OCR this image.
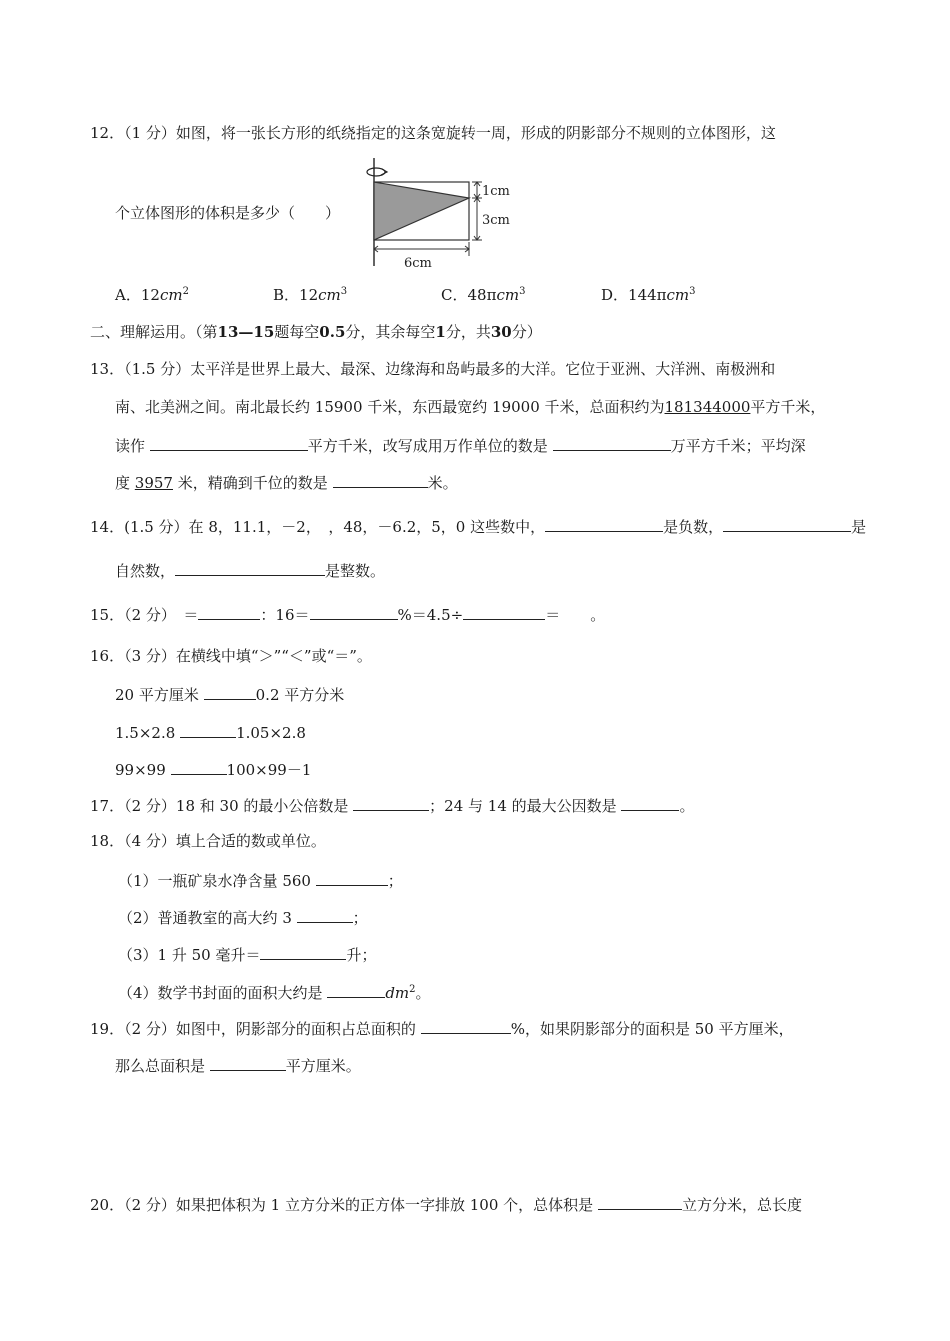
12．（1 分）如图，将一张长方形的纸绕指定的这条宽旋转一周，形成的阴影部分不规则的立体图形，这
1cm
3cm
6cm
个立体图形的体积是多少（　　）
A．$12cm^2$	B．$12cm^3$	C．48πcm$^3$	D．144πcm$^3$
二、理解运用。（第13—15题每空0.5分，其余每空1分，共30分）
13．（1.5 分）太平洋是世界上最大、最深、边缘海和岛屿最多的大洋。它位于亚洲、大洋洲、南极洲和
南、北美洲之间。南北最长约 15900 千米，东西最宽约 19000 千米，总面积约为181344000平方千米，
读作	平方千米，改写成用万作单位的数是	万平方千米；平均深
度 3957 米，精确到千位的数是	米。
14．(1.5 分）在 8，11.1，－2，　，48，－6.2，5，0 这些数中，	是负数，	是
自然数，	是整数。
15．（2 分）　＝	：16＝	%＝4.5÷	＝　　。
16．（3 分）在横线中填“＞”“＜”或“＝”。
20 平方厘米	0.2 平方分米
1.5×2.8	1.05×2.8
99×99	100×99－1
17．（2 分）18 和 30 的最小公倍数是	；24 与 14 的最大公因数是	。
18．（4 分）填上合适的数或单位。
（1）一瓶矿泉水净含量 560	；
（2）普通教室的高大约 3	；
（3）1 升 50 毫升＝	升；
（4）数学书封面的面积大约是	$dm^2$。
19．（2 分）如图中，阴影部分的面积占总面积的	%，如果阴影部分的面积是 50 平方厘米，
那么总面积是	平方厘米。
20．（2 分）如果把体积为 1 立方分米的正方体一字排放 100 个，总体积是	立方分米，总长度
